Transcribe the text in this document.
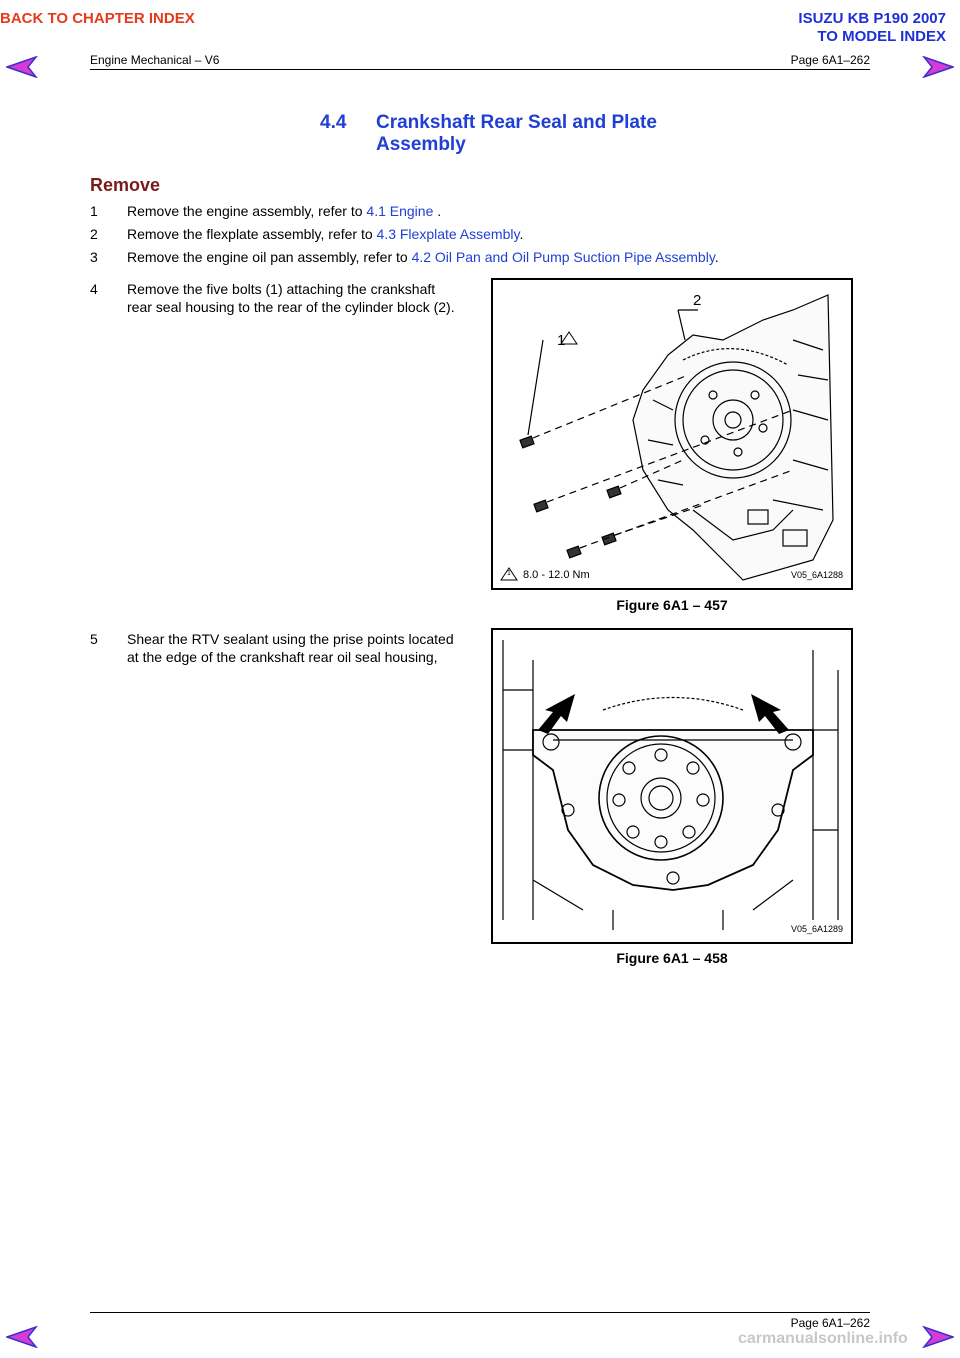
BACK TO CHAPTER INDEX	ISUZU KB P190 2007
TO MODEL INDEX
Engine Mechanical – V6	Page 6A1–262
4.4 Crankshaft Rear Seal and Plate
Assembly
Remove
1 Remove the engine assembly, refer to 4.1 Engine .
2 Remove the flexplate assembly, refer to 4.3 Flexplate Assembly.
3 Remove the engine oil pan assembly, refer to 4.2 Oil Pan and Oil Pump Suction Pipe Assembly.
4 Remove the five bolts (1) attaching the crankshaft
rear seal housing to the rear of the cylinder block (2).
1
2
1 8.0 - 12.0 Nm	V05_6A1288
Figure 6A1 – 457
5 Shear the RTV sealant using the prise points located
at the edge of the crankshaft rear oil seal housing,
V05_6A1289
Figure 6A1 – 458
Page 6A1–262
carmanualsonline.info
